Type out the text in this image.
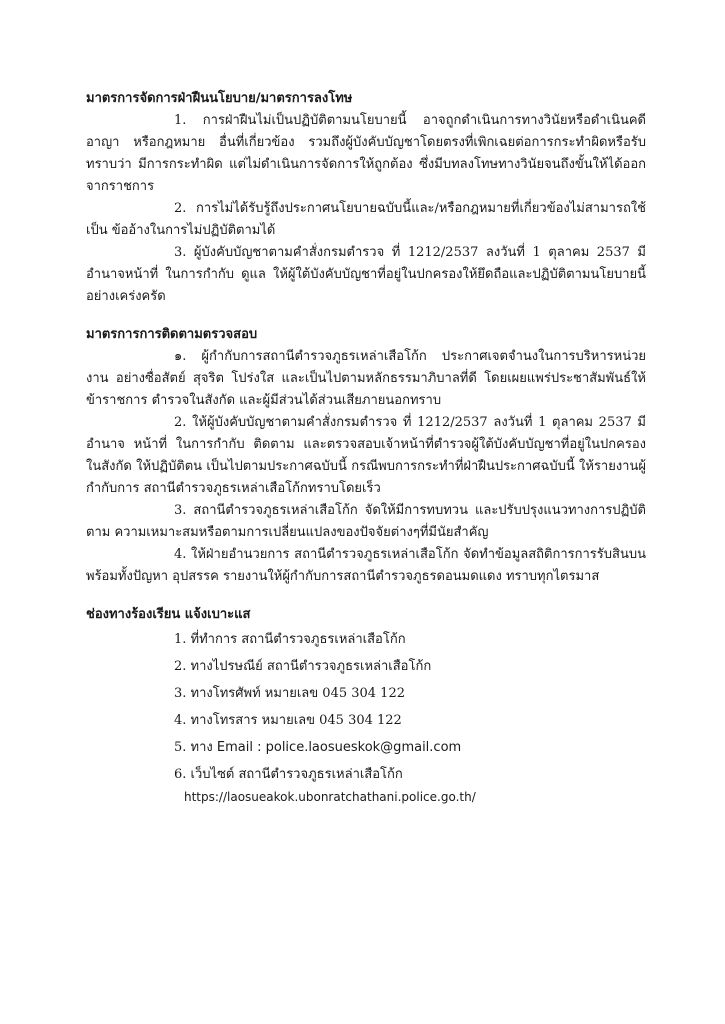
มาตรการจัดการฝ่าฝืนนโยบาย/มาตรการลงโทษ

1. การฝ่าฝืนไม่เป็นปฏิบัติตามนโยบายนี้ อาจถูกดำเนินการทางวินัยหรือดำเนินคดีอาญา หรือกฎหมาย อื่นที่เกี่ยวข้อง รวมถึงผู้บังคับบัญชาโดยตรงที่เพิกเฉยต่อการกระทำผิดหรือรับทราบว่า มีการกระทำผิด แต่ไม่ดำเนินการจัดการให้ถูกต้อง ซึ่งมีบทลงโทษทางวินัยจนถึงขั้นให้ได้ออกจากราชการ

2. การไม่ได้รับรู้ถึงประกาศนโยบายฉบับนี้และ/หรือกฎหมายที่เกี่ยวข้องไม่สามารถใช้เป็น ข้ออ้างในการไม่ปฏิบัติตามได้

3. ผู้บังคับบัญชาตามคำสั่งกรมตำรวจ ที่ 1212/2537 ลงวันที่ 1 ตุลาคม 2537 มีอำนาจหน้าที่ ในการกำกับ ดูแล ให้ผู้ใต้บังคับบัญชาที่อยู่ในปกครองให้ยึดถือและปฏิบัติตามนโยบายนี้อย่างเคร่งครัด

มาตรการการติดตามตรวจสอบ

๑. ผู้กำกับการสถานีตำรวจภูธรเหล่าเสือโก้ก ประกาศเจตจำนงในการบริหารหน่วยงาน อย่างซื่อสัตย์ สุจริต โปร่งใส และเป็นไปตามหลักธรรมาภิบาลที่ดี โดยเผยแพร่ประชาสัมพันธ์ให้ข้าราชการ ตำรวจในสังกัด และผู้มีส่วนได้ส่วนเสียภายนอกทราบ

2. ให้ผู้บังคับบัญชาตามคำสั่งกรมตำรวจ ที่ 1212/2537 ลงวันที่ 1 ตุลาคม 2537 มีอำนาจ หน้าที่ ในการกำกับ ติดตาม และตรวจสอบเจ้าหน้าที่ตำรวจผู้ใต้บังคับบัญชาที่อยู่ในปกครอง ในสังกัด ให้ปฏิบัติตน เป็นไปตามประกาศฉบับนี้ กรณีพบการกระทำที่ฝ่าฝืนประกาศฉบับนี้ ให้รายงานผู้กำกับการ สถานีตำรวจภูธรเหล่าเสือโก้กทราบโดยเร็ว

3. สถานีตำรวจภูธรเหล่าเสือโก้ก จัดให้มีการทบทวน และปรับปรุงแนวทางการปฏิบัติตาม ความเหมาะสมหรือตามการเปลี่ยนแปลงของปัจจัยต่างๆที่มีนัยสำคัญ

4. ให้ฝ่ายอำนวยการ สถานีตำรวจภูธรเหล่าเสือโก้ก จัดทำข้อมูลสถิติการการรับสินบน พร้อมทั้งปัญหา อุปสรรค รายงานให้ผู้กำกับการสถานีตำรวจภูธรดอนมดแดง ทราบทุกไตรมาส

ช่องทางร้องเรียน แจ้งเบาะแส

1. ที่ทำการ สถานีตำรวจภูธรเหล่าเสือโก้ก
2. ทางไปรษณีย์ สถานีตำรวจภูธรเหล่าเสือโก้ก
3. ทางโทรศัพท์ หมายเลข 045 304 122
4. ทางโทรสาร หมายเลข 045 304 122
5. ทาง Email : police.laosueskok@gmail.com
6. เว็บไซต์ สถานีตำรวจภูธรเหล่าเสือโก้ก

https://laosueakok.ubonratchathani.police.go.th/
